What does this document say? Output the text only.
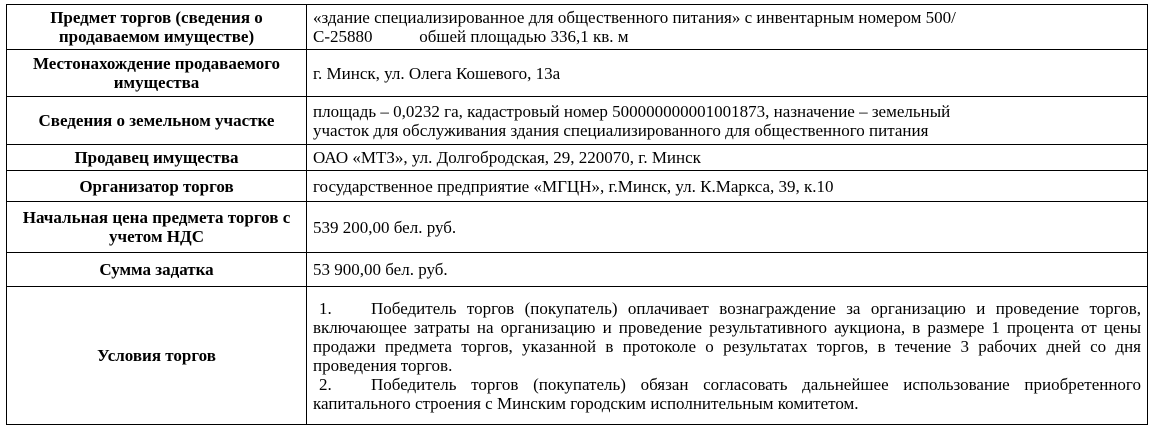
Предмет торгов (сведения о продаваемом имуществе)	«здание специализированное для общественного питания» с инвентарным номером 500/
С-25880           обшей площадью 336,1 кв. м

Местонахождение продаваемого имущества	г. Минск, ул. Олега Кошевого, 13а
Сведения о земельном участке	площадь – 0,0232 га, кадастровый номер 500000000001001873, назначение – земельный
участок для обслуживания здания специализированного для общественного питания

Продавец имущества	ОАО «МТЗ», ул. Долгобродская, 29, 220070, г. Минск
Организатор торгов	государственное предприятие «МГЦН», г.Минск, ул. К.Маркса, 39, к.10
Начальная цена предмета торгов с учетом НДС	539 200,00 бел. руб.
Сумма задатка	53 900,00 бел. руб.
Условия торгов	1. Победитель торгов (покупатель) оплачивает вознаграждение за организацию и проведение торгов, включающее затраты на организацию и проведение результативного аукциона, в размере 1 процента от цены продажи предмета торгов, указанной в протоколе о результатах торгов, в течение 3 рабочих дней со дня проведения торгов.

2. Победитель торгов (покупатель) обязан согласовать дальнейшее использование приобретенного капитального строения с Минским городским исполнительным комитетом.
